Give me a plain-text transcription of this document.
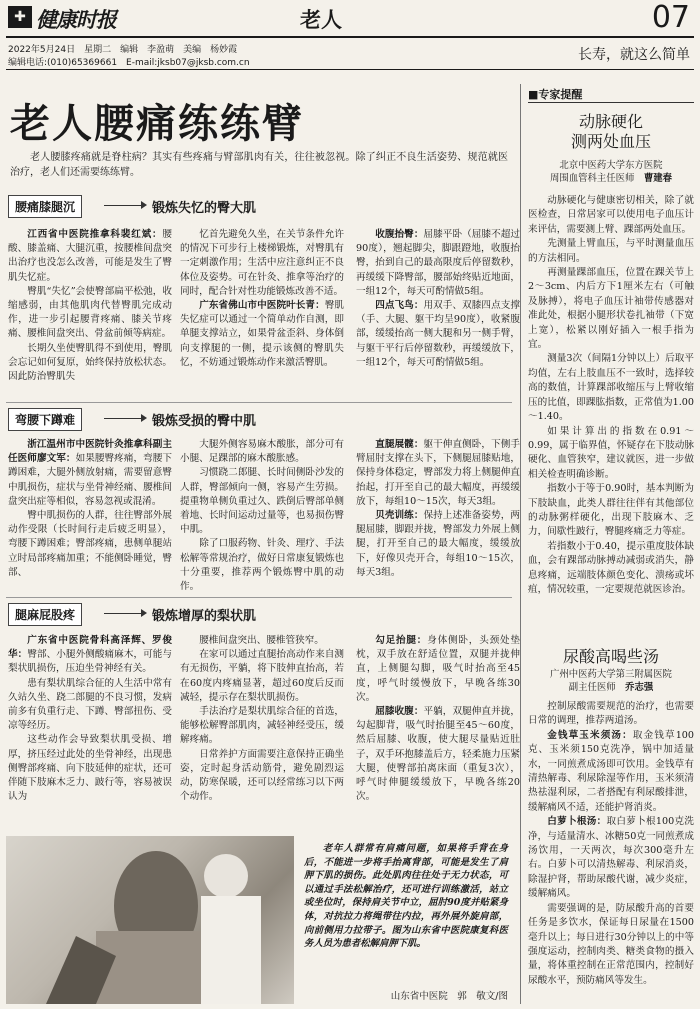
✚ 健康时报	老人	07
2022年5月24日　星期二　编辑　李盈萌　美编　杨妙霞
编辑电话:(010)65369661　E-mail:jksb07@jksb.com.cn	长寿，就这么简单
老人腰痛练练臂

老人腰膝疼痛就是脊柱病？其实有些疼痛与臂部肌肉有关，往往被忽视。除了纠正不良生活姿势、规范就医治疗，老人们还需要练练臂。

腰痛膝腿沉	锻炼失忆的臀大肌

江西省中医院推拿科裴红斌：腰酸、膝盖痛、大腿沉重，按腰椎间盘突出治疗也没怎么改善，可能是发生了臀肌失忆症。

臀肌“失忆”会使臀部扁平松弛，收缩感弱，由其他肌肉代替臀肌完成动作，进一步引起腰背疼痛、膝关节疼痛、腰椎间盘突出、骨盆前倾等病症。

长期久坐使臀肌得不到使用，臀肌会忘记如何复原，始终保持放松状态。因此防治臀肌失

忆首先避免久坐，在关节条件允许的情况下可步行上楼梯锻炼，对臀肌有一定刺激作用；生活中应注意纠正不良体位及姿势。可在针灸、推拿等治疗的同时，配合针对性功能锻炼改善不适。

广东省佛山市中医院叶长青：臀肌失忆症可以通过一个简单动作自测，即单腿支撑站立，如果骨盆歪斜、身体倒向支撑腿的一侧，提示该侧的臀肌失忆，不妨通过锻炼动作来激活臀肌。

收腹抬臀：屈膝平卧（屈膝不超过90度），翘起脚尖，脚跟蹬地，收腹抬臀，抬到自己的最高限度后停留数秒，再缓缓下降臀部，腰部始终贴近地面，一组12个，每天可酌情做5组。

四点飞鸟：用双手、双膝四点支撑（手、大腿、躯干均呈90度），收紧腹部，缓缓抬高一侧大腿和另一侧手臂，与躯干平行后停留数秒，再缓缓放下，一组12个，每天可酌情做5组。

弯腰下蹲难	锻炼受损的臀中肌

浙江温州市中医院针灸推拿科副主任医师廖文军：如果腰臀疼痛，弯腰下蹲困难，大腿外侧放射痛，需要留意臀中肌损伤，症状与坐骨神经痛、腰椎间盘突出症等相似，容易忽视或混淆。

臀中肌损伤的人群，往往臀部外展动作受限（长时间行走后疲乏明显），弯腰下蹲困难；臀部疼痛，患侧单腿站立时局部疼痛加重；不能侧卧睡觉，臀部、

大腿外侧容易麻木酸胀，部分可有小腿、足踝部的麻木酸胀感。

习惯跷二郎腿、长时间侧卧沙发的人群，臀部倾向一侧，容易产生劳损。提重物单侧负重过久、跌倒后臀部单侧着地、长时间运动过量等，也易损伤臀中肌。

除了口服药物、针灸、理疗、手法松解等常规治疗，做好日常康复锻炼也十分重要，推荐两个锻炼臀中肌的动作。

直腿展髋：躯干伸直侧卧，下侧手臂屈肘支撑在头下，下侧腿屈膝贴地，保持身体稳定，臀部发力将上侧腿伸直抬起，打开至自己的最大幅度，再缓缓放下，每组10～15次，每天3组。

贝壳训练：保持上述准备姿势，两腿屈膝，脚跟并拢，臀部发力外展上侧腿，打开至自己的最大幅度，缓缓放下，好像贝壳开合，每组10～15次，每天3组。

腿麻屁股疼	锻炼增厚的梨状肌

广东省中医院骨科高泽辉、罗俊华：臀部、小腿外侧酸痛麻木，可能与梨状肌损伤，压迫坐骨神经有关。

患有梨状肌综合征的人生活中常有久站久坐、跷二郎腿的不良习惯，发病前多有负重行走、下蹲、臀部扭伤、受凉等经历。

这些动作会导致梨状肌受损、增厚，挤压经过此处的坐骨神经，出现患侧臀部疼痛、向下肢延伸的症状，还可伴随下肢麻木乏力、跛行等，容易被误认为

腰椎间盘突出、腰椎管狭窄。

在家可以通过直腿抬高动作来自测有无损伤，平躺，将下肢伸直抬高，若在60度内疼痛显著，超过60度后反而减轻，提示存在梨状肌损伤。

手法治疗是梨状肌综合征的首选，能够松解臀部肌肉，减轻神经受压，缓解疼痛。

日常养护方面需要注意保持正确坐姿，定时起身活动筋骨，避免剧烈运动，防寒保暖，还可以经常练习以下两个动作。

勾足抬腿：身体侧卧，头颈处垫枕，双手放在舒适位置，双腿并拢伸直，上侧腿勾脚，吸气时抬高至45度，呼气时缓慢放下，早晚各练30次。

屈膝收腹：平躺，双腿伸直并拢，勾起脚背，吸气时抬腿至45～60度，然后屈膝、收腹，使大腿尽量贴近肚子，双手环抱膝盖后方，轻柔施力压紧大腿，使臀部拍离床面（重复3次），呼气时伸腿缓缓放下，早晚各练20次。

老年人群常有肩痛问题，如果将手背在身后，不能进一步将手抬离背部，可能是发生了肩胛下肌的损伤。此处肌肉往往处于无力状态，可以通过手法松解治疗，还可进行训练激活，站立或坐位时，保持肩关节中立，屈肘90度并贴紧身体，对抗拉力将绳带往内拉，再外展外旋肩部，向前侧用力拉带子。图为山东省中医院康复科医务人员为患者松解肩胛下肌。

山东省中医院　郭　敬文/图
■专家提醒
动脉硬化
测两处血压
北京中医药大学东方医院
周围血管科主任医师　 曹建春

动脉硬化与健康密切相关，除了就医检查，日常居家可以使用电子血压计来评估，需要测上臂、踝部两处血压。

先测量上臂血压，与平时测量血压的方法相同。

再测量踝部血压，位置在踝关节上2～3cm、内后方下1厘米左右（可触及脉搏），将电子血压计袖带传感器对准此处，根据小腿形状卷扎袖带（下宽上宽），松紧以刚好插入一根手指为宜。

测量3次（间隔1分钟以上）后取平均值，左右上肢血压不一致时，选择较高的数值，计算踝部收缩压与上臂收缩压的比值，即踝肱指数，正常值为1.00～1.40。

如果计算出的指数在0.91～0.99，属于临界值，怀疑存在下肢动脉硬化、血管狭窄，建议就医，进一步做相关检查明确诊断。

指数小于等于0.90时，基本判断为下肢缺血，此类人群往往伴有其他部位的动脉粥样硬化，出现下肢麻木、乏力，间歇性跛行，臀腿疼痛乏力等症。

若指数小于0.40，提示重度肢体缺血，会有踝部动脉搏动减弱或消失，静息疼痛，远端肢体颜色变化、溃疡或坏疽，情况较重，一定要规范就医诊治。

尿酸高喝些汤
广州中医药大学第三附属医院
副主任医师　 乔志强

控制尿酸需要规范的治疗，也需要日常的调理，推荐两道汤。

金钱草玉米须汤：取金钱草100克、玉米须150克洗净，锅中加适量水，一同煎煮成汤即可饮用。金钱草有清热解毒、利尿除湿等作用，玉米须清热祛湿利尿，二者搭配有利尿酸排泄，缓解痛风不适，还能护肾消炎。

白萝卜根汤：取白萝卜根100克洗净，与适量清水、冰糖50克一同煎煮成汤饮用，一天两次，每次300毫升左右。白萝卜可以清热解毒、利尿消炎，除湿护肾，帮助尿酸代谢，减少炎症，缓解痛风。

需要强调的是，防尿酸升高的首要任务是多饮水，保证每日尿量在1500毫升以上；每日进行30分钟以上的中等强度运动，控制肉类、糖类食物的摄入量，将体重控制在正常范围内，控制好尿酸水平，预防痛风等发生。
